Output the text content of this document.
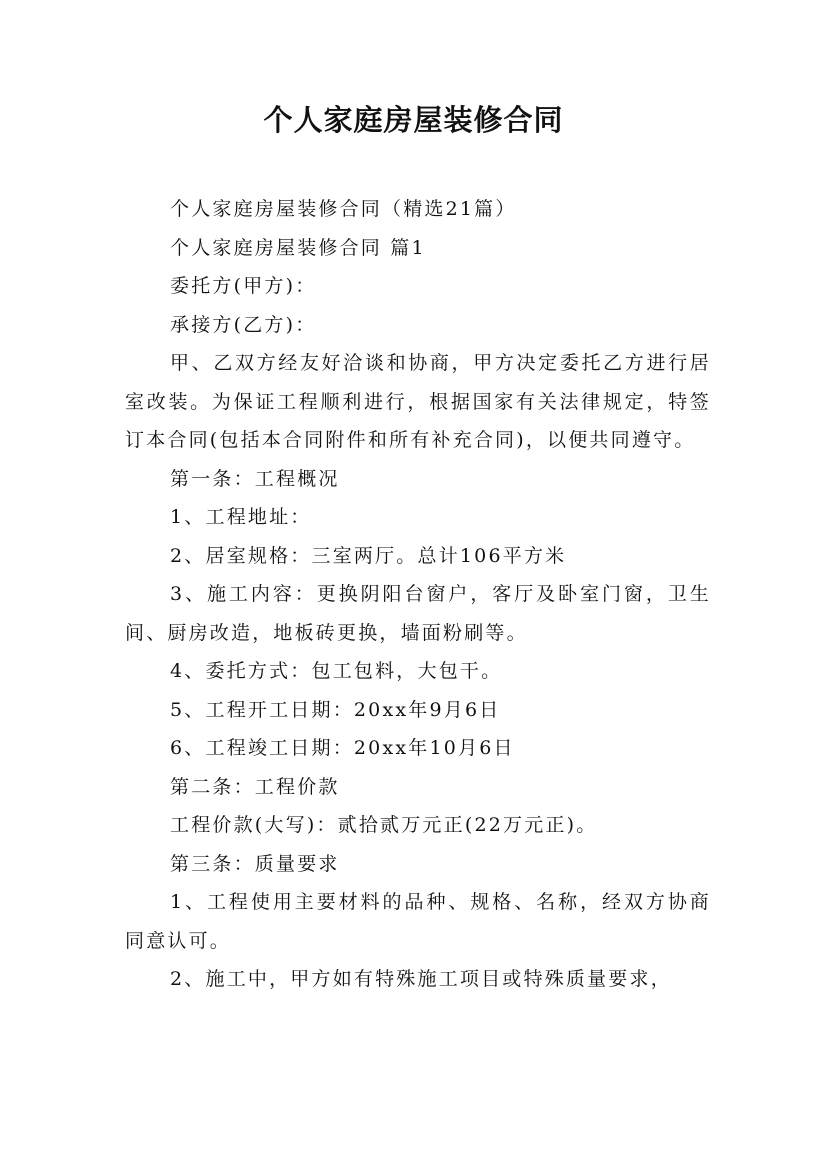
个人家庭房屋装修合同

个人家庭房屋装修合同（精选21篇）

个人家庭房屋装修合同 篇1

委托方(甲方)：

承接方(乙方)：

甲、乙双方经友好洽谈和协商，甲方决定委托乙方进行居室改装。为保证工程顺利进行，根据国家有关法律规定，特签订本合同(包括本合同附件和所有补充合同)，以便共同遵守。

第一条：工程概况

1、工程地址：

2、居室规格：三室两厅。总计106平方米

3、施工内容：更换阴阳台窗户，客厅及卧室门窗，卫生间、厨房改造，地板砖更换，墙面粉刷等。

4、委托方式：包工包料，大包干。

5、工程开工日期：20xx年9月6日

6、工程竣工日期：20xx年10月6日

第二条：工程价款

工程价款(大写)：贰拾贰万元正(22万元正)。

第三条：质量要求

1、工程使用主要材料的品种、规格、名称，经双方协商同意认可。

2、施工中，甲方如有特殊施工项目或特殊质量要求，
